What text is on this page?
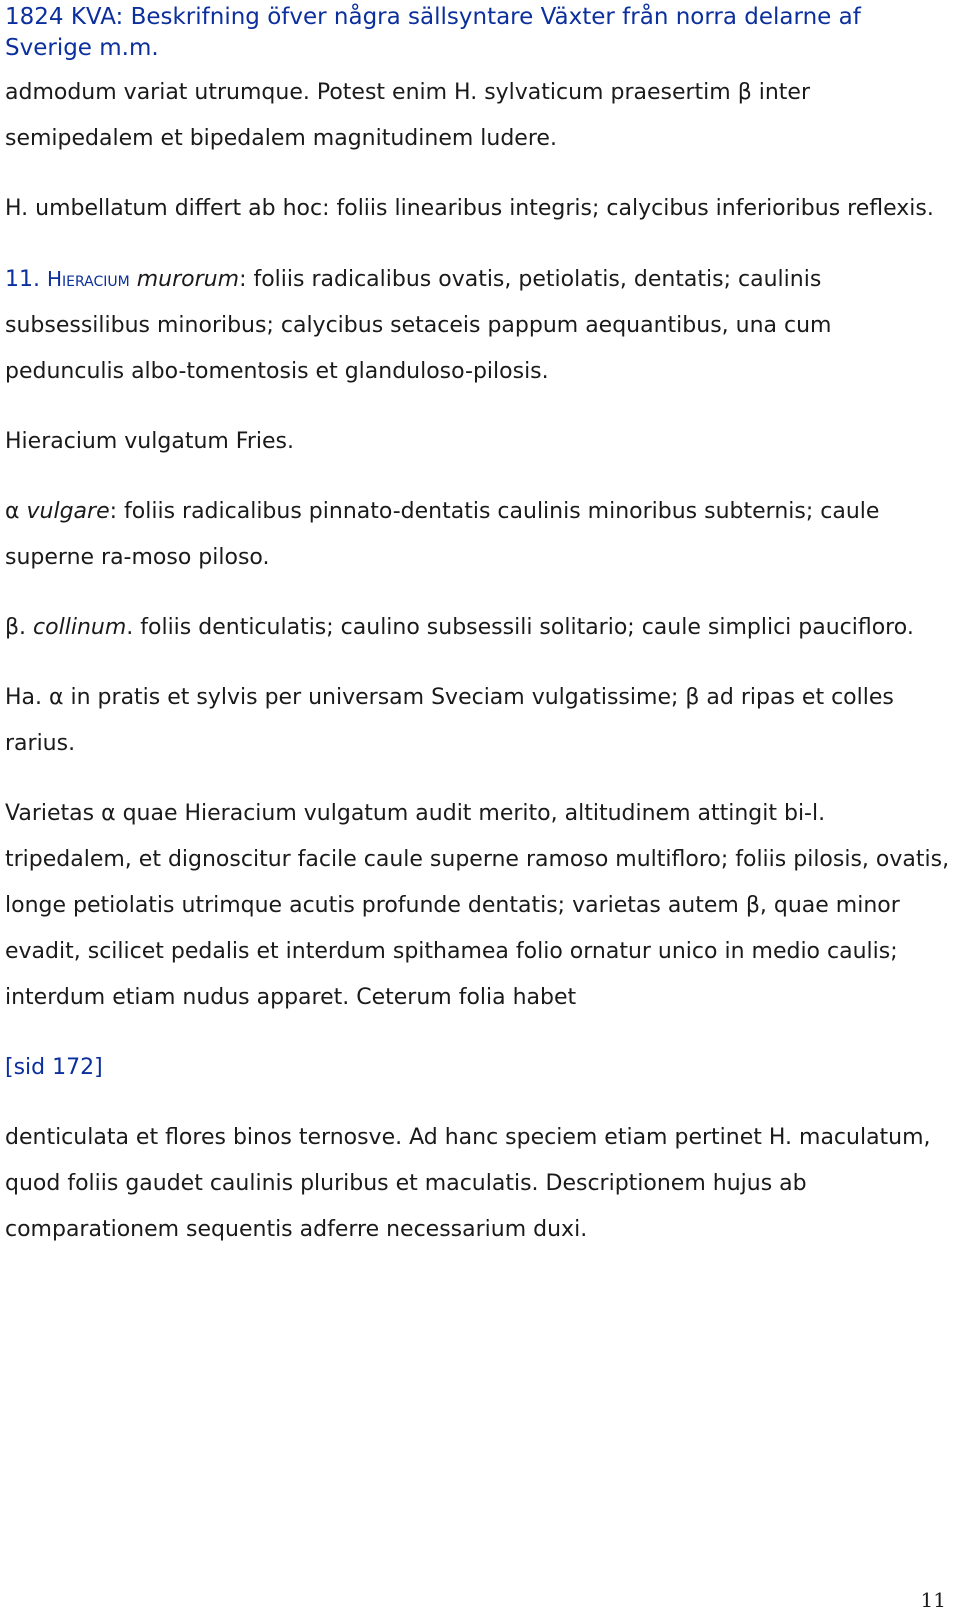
1824 KVA: Beskrifning öfver några sällsyntare Växter från norra delarne af Sverige m.m.

admodum variat utrumque. Potest enim H. sylvaticum praesertim β inter semipedalem et bipedalem magnitudinem ludere.

H. umbellatum differt ab hoc: foliis linearibus integris; calycibus inferioribus reflexis.

11. Hieracium murorum: foliis radicalibus ovatis, petiolatis, dentatis; caulinis subsessilibus minoribus; calycibus setaceis pappum aequantibus, una cum pedunculis albo-tomentosis et glanduloso-pilosis.

Hieracium vulgatum Fries.

α vulgare: foliis radicalibus pinnato-dentatis caulinis minoribus subternis; caule superne ra-moso piloso.

β. collinum. foliis denticulatis; caulino subsessili solitario; caule simplici paucifloro.

Ha. α in pratis et sylvis per universam Sveciam vulgatissime; β ad ripas et colles rarius.

Varietas α quae Hieracium vulgatum audit merito, altitudinem attingit bi-l. tripedalem, et dignoscitur facile caule superne ramoso multifloro; foliis pilosis, ovatis, longe petiolatis utrimque acutis profunde dentatis; varietas autem β, quae minor evadit, scilicet pedalis et interdum spithamea folio ornatur unico in medio caulis; interdum etiam nudus apparet. Ceterum folia habet

[sid 172]

denticulata et flores binos ternosve. Ad hanc speciem etiam pertinet H. maculatum, quod foliis gaudet caulinis pluribus et maculatis. Descriptionem hujus ab comparationem sequentis adferre necessarium duxi.

11
